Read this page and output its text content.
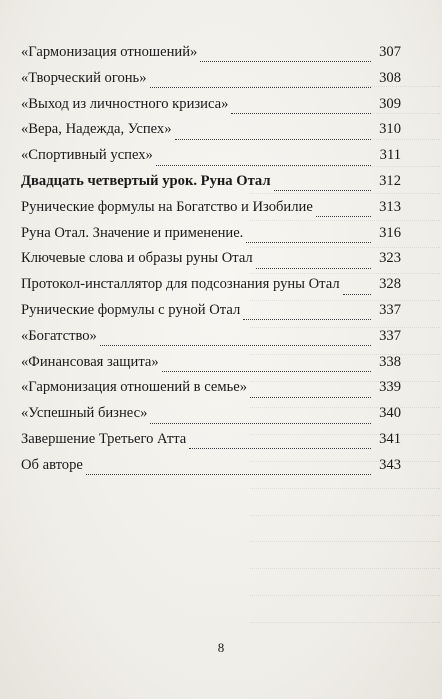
«Гармонизация отношений»	307
«Творческий огонь»	308
«Выход из личностного кризиса»	309
«Вера, Надежда, Успех»	310
«Спортивный успех»	311
Двадцать четвертый урок. Руна Отал	312
Рунические формулы на Богатство и Изобилие	313
Руна Отал. Значение и применение.	316
Ключевые слова и образы руны Отал	323
Протокол-инсталлятор для подсознания руны Отал	328
Рунические формулы с руной Отал	337
«Богатство»	337
«Финансовая защита»	338
«Гармонизация отношений в семье»	339
«Успешный бизнес»	340
Завершение Третьего Атта	341
Об авторе	343
8
